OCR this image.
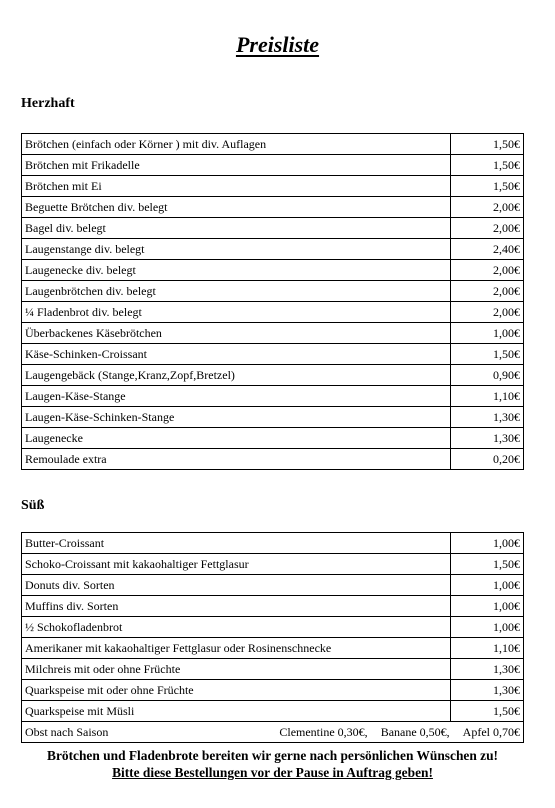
Preisliste
Herzhaft
Brötchen (einfach oder Körner ) mit div. Auflagen	1,50€
Brötchen mit Frikadelle	1,50€
Brötchen mit Ei	1,50€
Beguette Brötchen div. belegt	2,00€
Bagel div. belegt	2,00€
Laugenstange div. belegt	2,40€
Laugenecke div. belegt	2,00€
Laugenbrötchen div. belegt	2,00€
¼ Fladenbrot div. belegt	2,00€
Überbackenes Käsebrötchen	1,00€
Käse-Schinken-Croissant	1,50€
Laugengebäck (Stange,Kranz,Zopf,Bretzel)	0,90€
Laugen-Käse-Stange	1,10€
Laugen-Käse-Schinken-Stange	1,30€
Laugenecke	1,30€
Remoulade extra	0,20€
Süß
Butter-Croissant	1,00€
Schoko-Croissant mit kakaohaltiger Fettglasur	1,50€
Donuts div. Sorten	1,00€
Muffins div. Sorten	1,00€
½ Schokofladenbrot	1,00€
Amerikaner mit kakaohaltiger Fettglasur oder Rosinenschnecke	1,10€
Milchreis mit oder ohne Früchte	1,30€
Quarkspeise mit oder ohne Früchte	1,30€
Quarkspeise mit Müsli	1,50€

Obst nach Saison Clementine 0,30€, Banane 0,50€, Apfel 0,70€	
Brötchen und Fladenbrote bereiten wir gerne nach persönlichen Wünschen zu!
Bitte diese Bestellungen vor der Pause in Auftrag geben!
